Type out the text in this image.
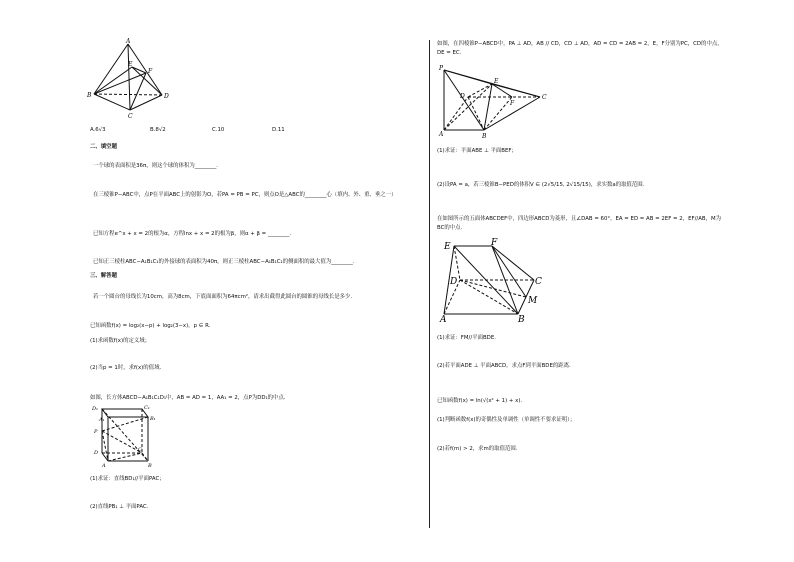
A
B
C
D
E
F
A.6√3	B.8√2	C.10	D.11
二、填空题
一个球的表面积是36π，则这个球的体积为________.
在三棱锥P−ABC中，点P在平面ABC上的射影为O，若PA = PB = PC，则点O是△ABC的________心（填内、外、重、垂之一）
已知方程e^x + x = 2的根为α，方程lnx + x = 2的根为β，则α + β = ________.
已知正三棱柱ABC−A₁B₁C₁的外接球的表面积为40π，则正三棱柱ABC−A₁B₁C₁的侧面积的最大值为________.
三、解答题
若一个圆台的母线长为10cm，高为8cm，下底面面积为64πcm²，请求出截得此圆台的圆锥的母线长是多少.
已知函数f(x) = log₂(x−p) + log₂(3−x)，p ∈ R.
(1)求函数f(x)的定义域；
(2)当p = 1时，求f(x)的值域.
如图，长方体ABCD−A₁B₁C₁D₁中，AB = AD = 1，AA₁ = 2，点P为DD₁的中点.
D₁	C₁
A₁	B₁
P
D	C
A	B
(1)求证：直线BD₁//平面PAC；
(2)直线PB₁ ⊥ 平面PAC.
如图，在四棱锥P−ABCD中，PA ⊥ AD，AB // CD，CD ⊥ AD，AD = CD = 2AB = 2，E，F分别为PC，CD的中点，
DE = EC.
P
E
D
F
C
A	B
(1)求证：平面ABE ⊥ 平面BEF；
(2)设PA = a，若三棱锥B−PED的体积V ∈ (2√5/15, 2√15/15)，求实数a的取值范围.
在如图所示的五面体ABCDEF中，四边形ABCD为菱形，且∠DAB = 60°，EA = ED = AB = 2EF = 2，EF//AB，M为
BC的中点.
E	F
D	C
M
A	B
(1)求证：FM//平面BDE.
(2)若平面ADE ⊥ 平面ABCD，求点F到平面BDE的距离.
已知函数f(x) = ln(√(x² + 1) + x).
(1)判断函数f(x)的奇偶性及单调性（单调性不要求证明）；
(2)若f(m) > 2，求m的取值范围.
